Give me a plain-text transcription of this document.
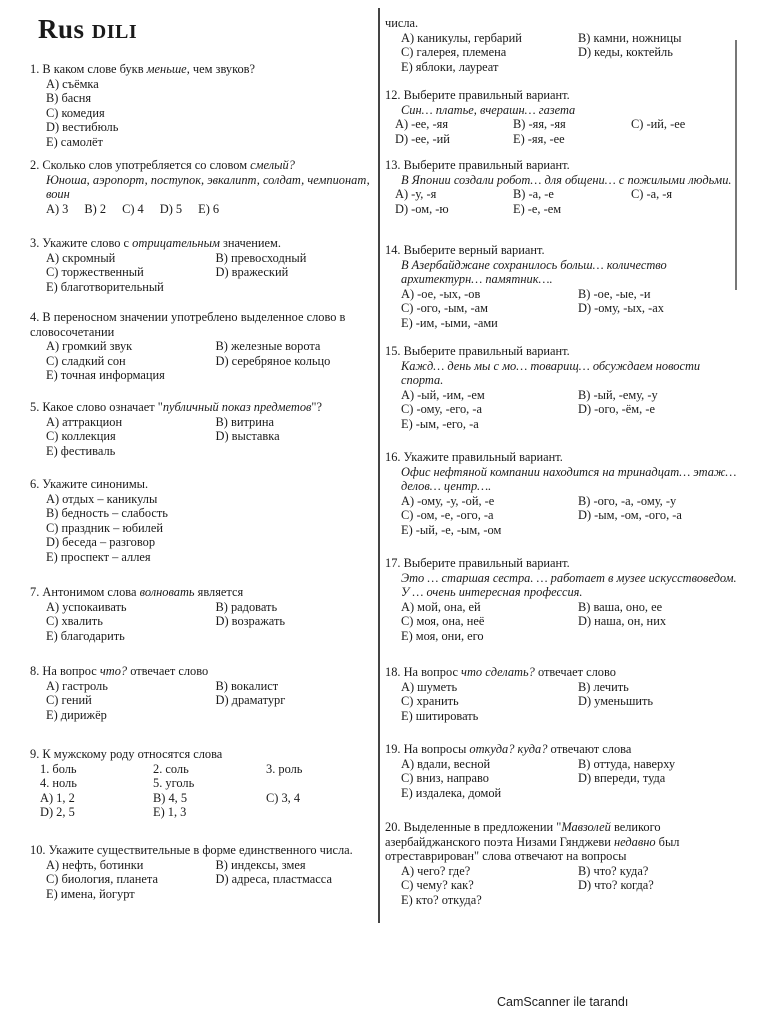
Rus DILI
1. В каком слове букв меньше, чем звуков?
А) съёмка
В) басня
С) комедия
D) вестибюль
Е) самолёт
2. Сколько слов употребляется со словом смелый?
Юноша, аэропорт, поступок, эвкалипт, солдат, чемпионат, воин
А) 3 В) 2 С) 4 D) 5 Е) 6
3. Укажите слово с отрицательным значением.
А) скромный	В) превосходный
С) торжественный	D) вражеский
Е) благотворительный
4. В переносном значении употреблено выделенное слово в словосочетании
А) громкий звук	В) железные ворота
С) сладкий сон	D) серебряное кольцо
Е) точная информация
5. Какое слово означает "публичный показ предметов"?
А) аттракцион	В) витрина
С) коллекция	D) выставка
Е) фестиваль
6. Укажите синонимы.
А) отдых – каникулы
В) бедность – слабость
С) праздник – юбилей
D) беседа – разговор
Е) проспект – аллея
7. Антонимом слова волновать является
А) успокаивать	В) радовать
С) хвалить	D) возражать
Е) благодарить
8. На вопрос что? отвечает слово
А) гастроль	В) вокалист
С) гений	D) драматург
Е) дирижёр
9. К мужскому роду относятся слова
1. боль	2. соль	3. роль
4. ноль	5. уголь
А) 1, 2	В) 4, 5	С) 3, 4
D) 2, 5	Е) 1, 3
10. Укажите существительные в форме единственного числа.
А) нефть, ботинки	В) индексы, змея
С) биология, планета	D) адреса, пластмасса
Е) имена, йогурт
числа.
А) каникулы, гербарий	В) камни, ножницы
С) галерея, племена	D) кеды, коктейль
Е) яблоки, лауреат
12. Выберите правильный вариант.
Син… платье, вчерашн… газета
А) -ее, -яя	В) -яя, -яя	С) -ий, -ее
D) -ее, -ий	Е) -яя, -ее
13. Выберите правильный вариант.
В Японии создали робот… для общени… с пожилыми людьми.
А) -у, -я	В) -а, -е	С) -а, -я
D) -ом, -ю	Е) -е, -ем
14. Выберите верный вариант.
В Азербайджане сохранилось больш… количество архитектурн… памятник….
А) -ое, -ых, -ов	В) -ое, -ые, -и
С) -ого, -ым, -ам	D) -ому, -ых, -ах
Е) -им, -ыми, -ами
15. Выберите правильный вариант.
Кажд… день мы с мо… товарищ… обсуждаем новости спорта.
А) -ый, -им, -ем	В) -ый, -ему, -у
С) -ому, -его, -а	D) -ого, -ём, -е
Е) -ым, -его, -а
16. Укажите правильный вариант.
Офис нефтяной компании находится на тринадцат… этаж… делов… центр….
А) -ому, -у, -ой, -е	В) -ого, -а, -ому, -у
С) -ом, -е, -ого, -а	D) -ым, -ом, -ого, -а
Е) -ый, -е, -ым, -ом
17. Выберите правильный вариант.
Это … старшая сестра. … работает в музее искусствоведом. У … очень интересная профессия.
А) мой, она, ей	В) ваша, оно, ее
С) моя, она, неё	D) наша, он, них
Е) моя, они, его
18. На вопрос что сделать? отвечает слово
А) шуметь	В) лечить
С) хранить	D) уменьшить
Е) шитировать
19. На вопросы откуда? куда? отвечают слова
А) вдали, весной	В) оттуда, наверху
С) вниз, направо	D) впереди, туда
Е) издалека, домой
20. Выделенные в предложении "Мавзолей великого азербайджанского поэта Низами Гянджеви недавно был отреставрирован" слова отвечают на вопросы
А) чего? где?	В) что? куда?
С) чему? как?	D) что? когда?
Е) кто? откуда?
CamScanner ile tarandı
